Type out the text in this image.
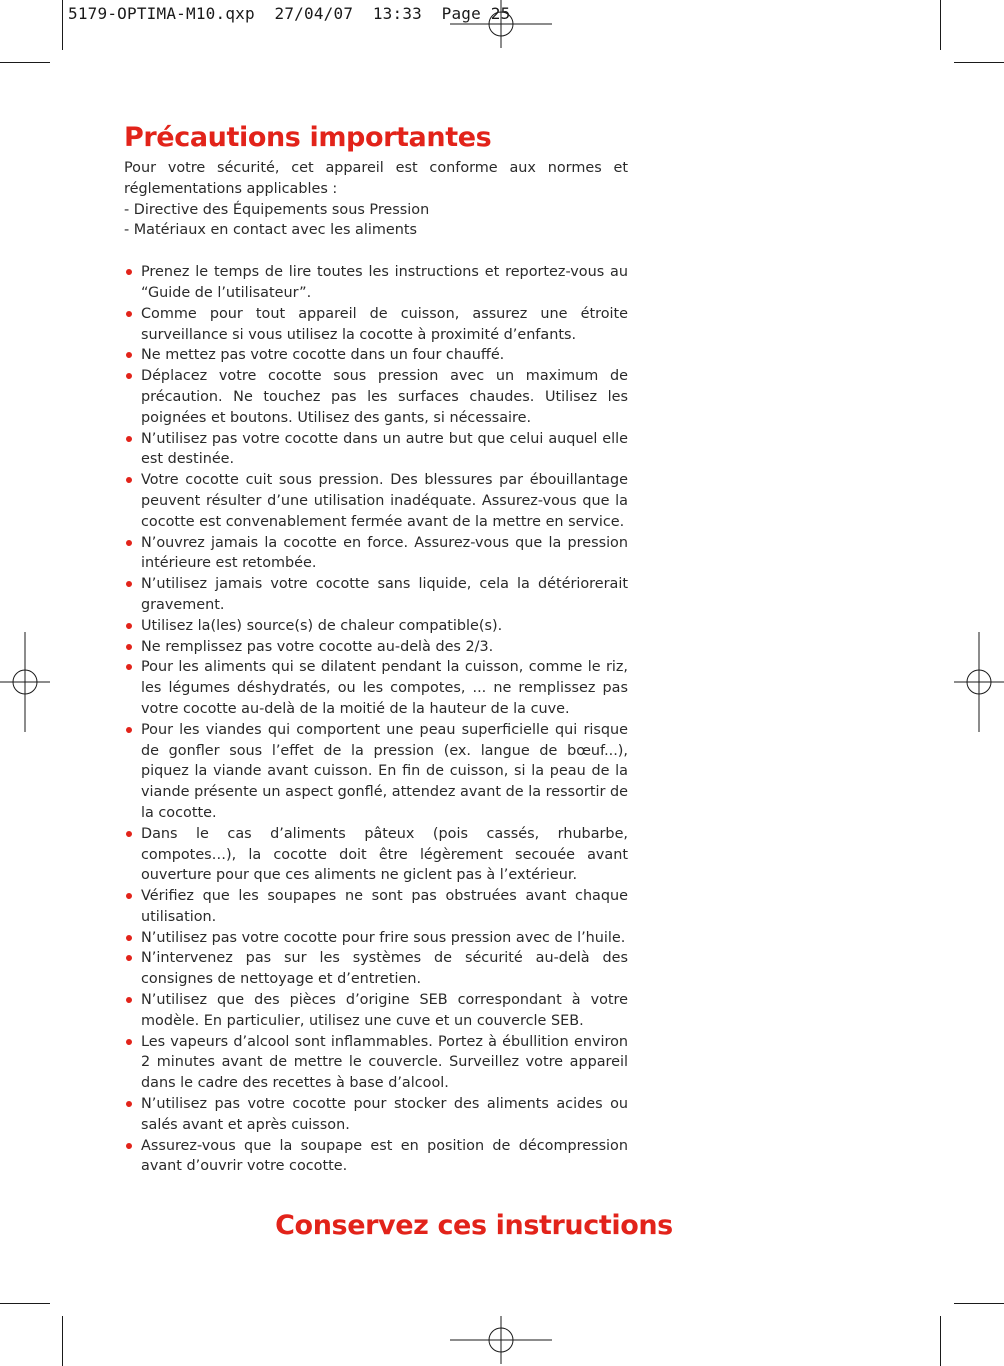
5179-OPTIMA-M10.qxp  27/04/07  13:33  Page 25
Précautions importantes

Pour votre sécurité, cet appareil est conforme aux normes et réglementations applicables :

- Directive des Équipements sous Pression

- Matériaux en contact avec les aliments

Prenez le temps de lire toutes les instructions et reportez-vous au “Guide de l’utilisateur”.
Comme pour tout appareil de cuisson, assurez une étroite surveillance si vous utilisez la cocotte à proximité d’enfants.
Ne mettez pas votre cocotte dans un four chauffé.
Déplacez votre cocotte sous pression avec un maximum de précaution. Ne touchez pas les surfaces chaudes. Utilisez les poignées et boutons. Utilisez des gants, si nécessaire.
N’utilisez pas votre cocotte dans un autre but que celui auquel elle est destinée.
Votre cocotte cuit sous pression. Des blessures par ébouillantage peuvent résulter d’une utilisation inadéquate. Assurez-vous que la cocotte est convenablement fermée avant de la mettre en service.
N’ouvrez jamais la cocotte en force. Assurez-vous que la pression intérieure est retombée.
N’utilisez jamais votre cocotte sans liquide, cela la détériorerait gravement.
Utilisez la(les) source(s) de chaleur compatible(s).
Ne remplissez pas votre cocotte au-delà des 2/3.
Pour les aliments qui se dilatent pendant la cuisson, comme le riz, les légumes déshydratés, ou les compotes, ... ne remplissez pas votre cocotte au-delà de la moitié de la hauteur de la cuve.
Pour les viandes qui comportent une peau superficielle qui risque de gonfler sous l’effet de la pression (ex. langue de bœuf...), piquez la viande avant cuisson. En fin de cuisson, si la peau de la viande présente un aspect gonflé, attendez avant de la ressortir de la cocotte.
Dans le cas d’aliments pâteux (pois cassés, rhubarbe, compotes…), la cocotte doit être légèrement secouée avant ouverture pour que ces aliments ne giclent pas à l’extérieur.
Vérifiez que les soupapes ne sont pas obstruées avant chaque utilisation.
N’utilisez pas votre cocotte pour frire sous pression avec de l’huile.
N’intervenez pas sur les systèmes de sécurité au-delà des consignes de nettoyage et d’entretien.
N’utilisez que des pièces d’origine SEB correspondant à votre modèle. En particulier, utilisez une cuve et un couvercle SEB.
Les vapeurs d’alcool sont inflammables. Portez à ébullition environ 2 minutes avant de mettre le couvercle. Surveillez votre appareil dans le cadre des recettes à base d’alcool.
N’utilisez pas votre cocotte pour stocker des aliments acides ou salés avant et après cuisson.
Assurez-vous que la soupape est en position de décompression avant d’ouvrir votre cocotte.
Conservez ces instructions
